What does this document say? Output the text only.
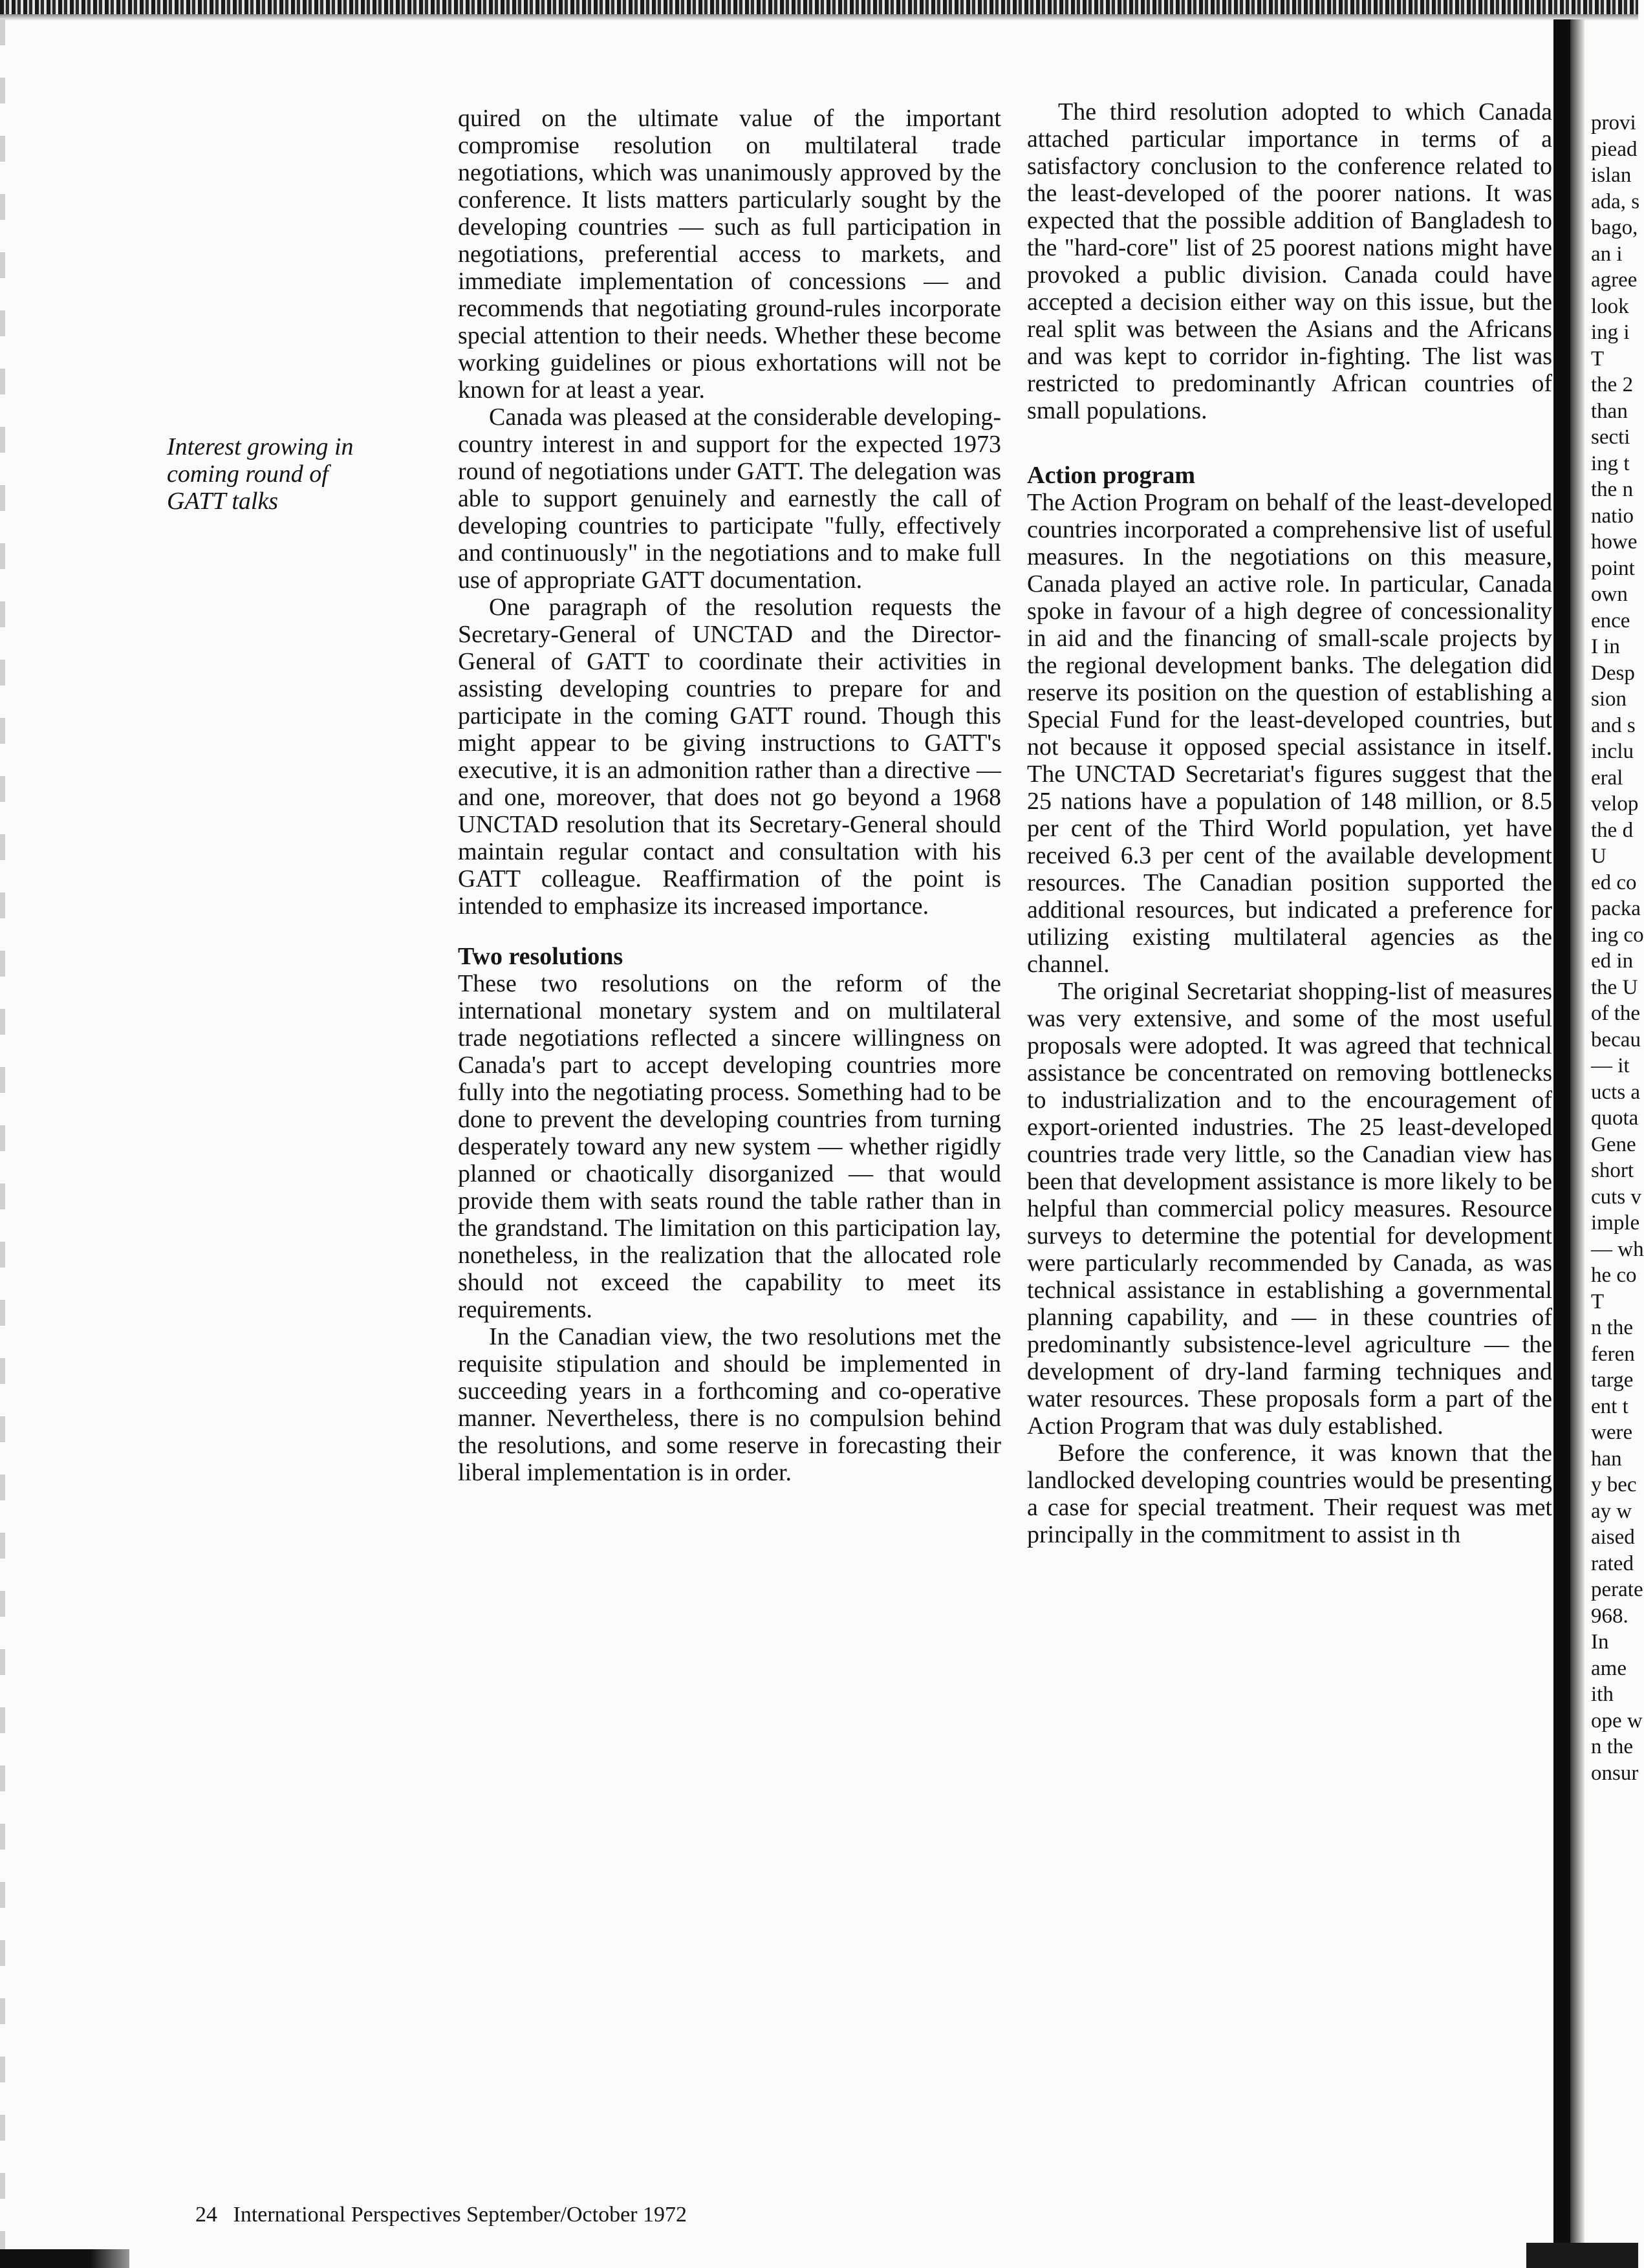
Interest growing in coming round of GATT talks

quired on the ultimate value of the important compromise resolution on multilateral trade negotiations, which was unanimously approved by the conference. It lists matters particularly sought by the developing countries — such as full participation in negotiations, preferential access to markets, and immediate implementation of concessions — and recommends that negotiating ground-rules incorporate special attention to their needs. Whether these become working guidelines or pious exhortations will not be known for at least a year.

Canada was pleased at the considerable developing-country interest in and support for the expected 1973 round of negotiations under GATT. The delegation was able to support genuinely and earnestly the call of developing countries to participate "fully, effectively and continuously" in the negotiations and to make full use of appropriate GATT documentation.

One paragraph of the resolution requests the Secretary-General of UNCTAD and the Director-General of GATT to coordinate their activities in assisting developing countries to prepare for and participate in the coming GATT round. Though this might appear to be giving instructions to GATT's executive, it is an admonition rather than a directive — and one, moreover, that does not go beyond a 1968 UNCTAD resolution that its Secretary-General should maintain regular contact and consultation with his GATT colleague. Reaffirmation of the point is intended to emphasize its increased importance.

Two resolutions

These two resolutions on the reform of the international monetary system and on multilateral trade negotiations reflected a sincere willingness on Canada's part to accept developing countries more fully into the negotiating process. Something had to be done to prevent the developing countries from turning desperately toward any new system — whether rigidly planned or chaotically disorganized — that would provide them with seats round the table rather than in the grandstand. The limitation on this participation lay, nonetheless, in the realization that the allocated role should not exceed the capability to meet its requirements.

In the Canadian view, the two resolutions met the requisite stipulation and should be implemented in succeeding years in a forthcoming and co-operative manner. Nevertheless, there is no compulsion behind the resolutions, and some reserve in forecasting their liberal implementation is in order.

The third resolution adopted to which Canada attached particular importance in terms of a satisfactory conclusion to the conference related to the least-developed of the poorer nations. It was expected that the possible addition of Bangladesh to the "hard-core" list of 25 poorest nations might have provoked a public division. Canada could have accepted a decision either way on this issue, but the real split was between the Asians and the Africans and was kept to corridor in-fighting. The list was restricted to predominantly African countries of small populations.

Action program

The Action Program on behalf of the least-developed countries incorporated a comprehensive list of useful measures. In the negotiations on this measure, Canada played an active role. In particular, Canada spoke in favour of a high degree of concessionality in aid and the financing of small-scale projects by the regional development banks. The delegation did reserve its position on the question of establishing a Special Fund for the least-developed countries, but not because it opposed special assistance in itself. The UNCTAD Secretariat's figures suggest that the 25 nations have a population of 148 million, or 8.5 per cent of the Third World population, yet have received 6.3 per cent of the available development resources. The Canadian position supported the additional resources, but indicated a preference for utilizing existing multilateral agencies as the channel.

The original Secretariat shopping-list of measures was very extensive, and some of the most useful proposals were adopted. It was agreed that technical assistance be concentrated on removing bottlenecks to industrialization and to the encouragement of export-oriented industries. The 25 least-developed countries trade very little, so the Canadian view has been that development assistance is more likely to be helpful than commercial policy measures. Resource surveys to determine the potential for development were particularly recommended by Canada, as was technical assistance in establishing a governmental planning capability, and — in these countries of predominantly subsistence-level agriculture — the development of dry-land farming techniques and water resources. These proposals form a part of the Action Program that was duly established.

Before the conference, it was known that the landlocked developing countries would be presenting a case for special treatment. Their request was met principally in the commitment to assist in th

provi
piead
islan
ada, s
bago,
an i
agree
look
ing i
T
the 2
than
secti
ing t
the n
natio
howe
point
own
ence
I in
Desp
sion
and s
inclu
eral
velop
the d
U
ed co
packa
ing co
ed in
the U
of the
becau
— it
ucts a
quota
Gene
short
cuts v
imple
— wh
he co
T
n the
feren
targe
ent t
were
han
y bec
ay w
aised
rated
perate
968.
In
ame
ith
ope w
n the
onsur
24 International Perspectives September/October 1972
